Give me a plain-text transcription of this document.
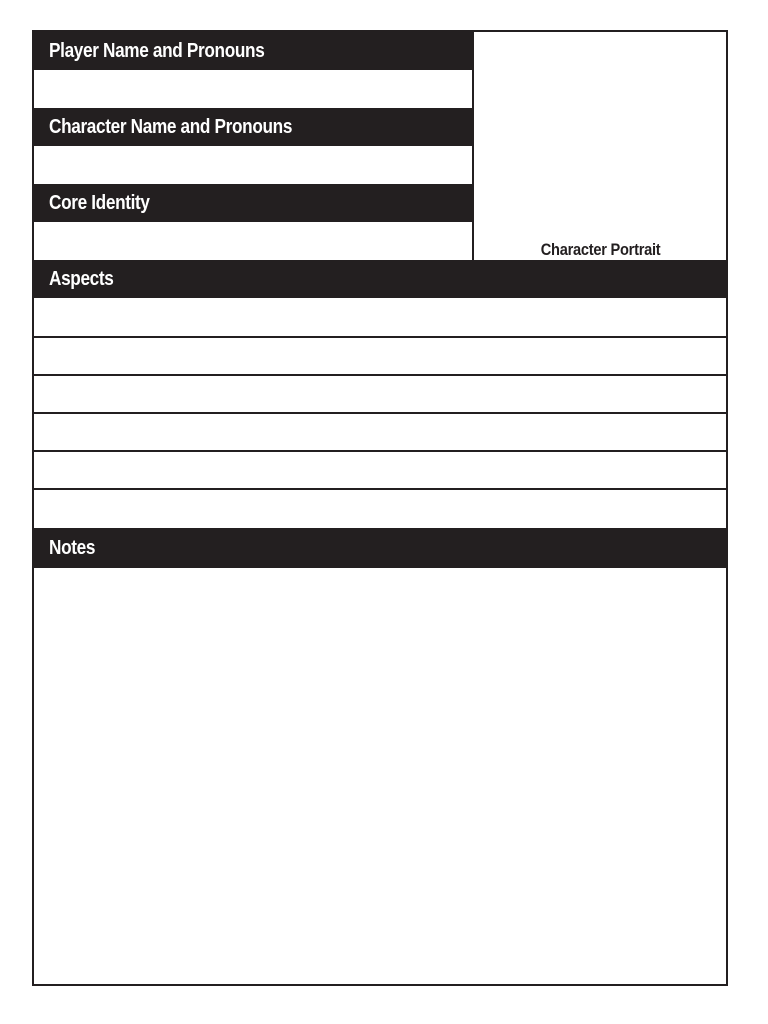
Player Name and Pronouns
Character Name and Pronouns
Core Identity
Character Portrait
Aspects
Notes
